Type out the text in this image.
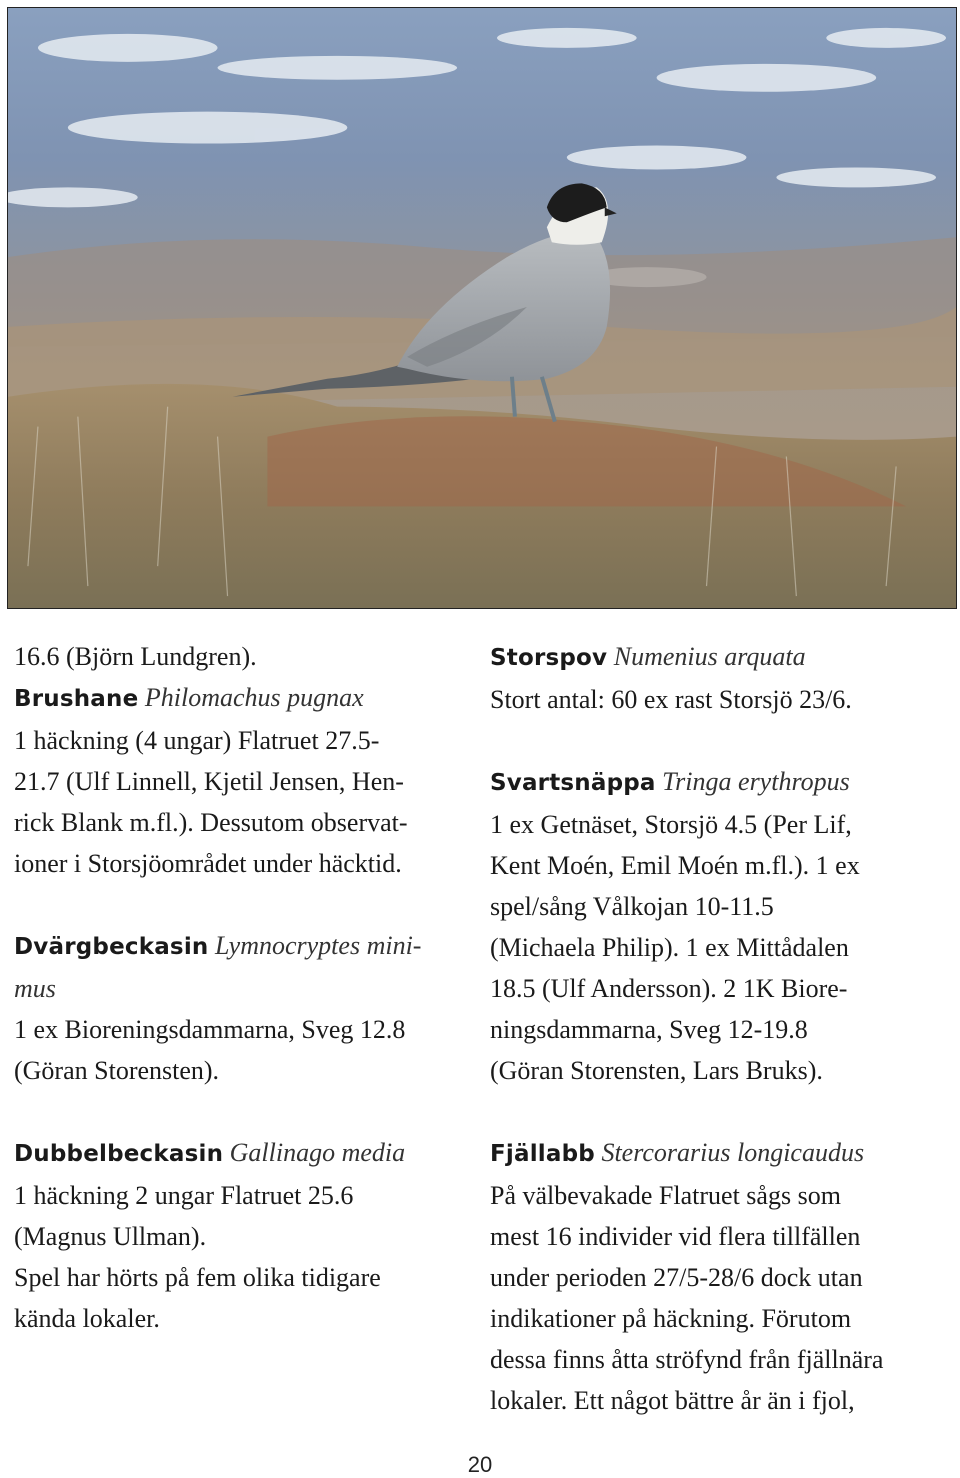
16.6 (Björn Lundgren).

Brushane Philomachus pugnax

1 häckning (4 ungar) Flatruet 27.5-

21.7 (Ulf Linnell, Kjetil Jensen, Hen-

rick Blank m.fl.). Dessutom observat-

ioner i Storsjöområdet under häcktid.

Dvärgbeckasin Lymnocryptes mini-

mus

1 ex Bioreningsdammarna, Sveg 12.8

(Göran Storensten).

Dubbelbeckasin Gallinago media

1 häckning 2 ungar Flatruet 25.6

(Magnus Ullman).

Spel har hörts på fem olika tidigare

kända lokaler.

Storspov Numenius arquata

Stort antal: 60 ex rast Storsjö 23/6.

Svartsnäppa Tringa erythropus

1 ex Getnäset, Storsjö 4.5 (Per Lif,

Kent Moén, Emil Moén m.fl.). 1 ex

spel/sång Vålkojan 10-11.5

(Michaela Philip). 1 ex Mittådalen

18.5 (Ulf Andersson). 2 1K Biore-

ningsdammarna, Sveg 12-19.8

(Göran Storensten, Lars Bruks).

Fjällabb Stercorarius longicaudus

På välbevakade Flatruet sågs som

mest 16 individer vid flera tillfällen

under perioden 27/5-28/6 dock utan

indikationer på häckning. Förutom

dessa finns åtta ströfynd från fjällnära

lokaler. Ett något bättre år än i fjol,

20
